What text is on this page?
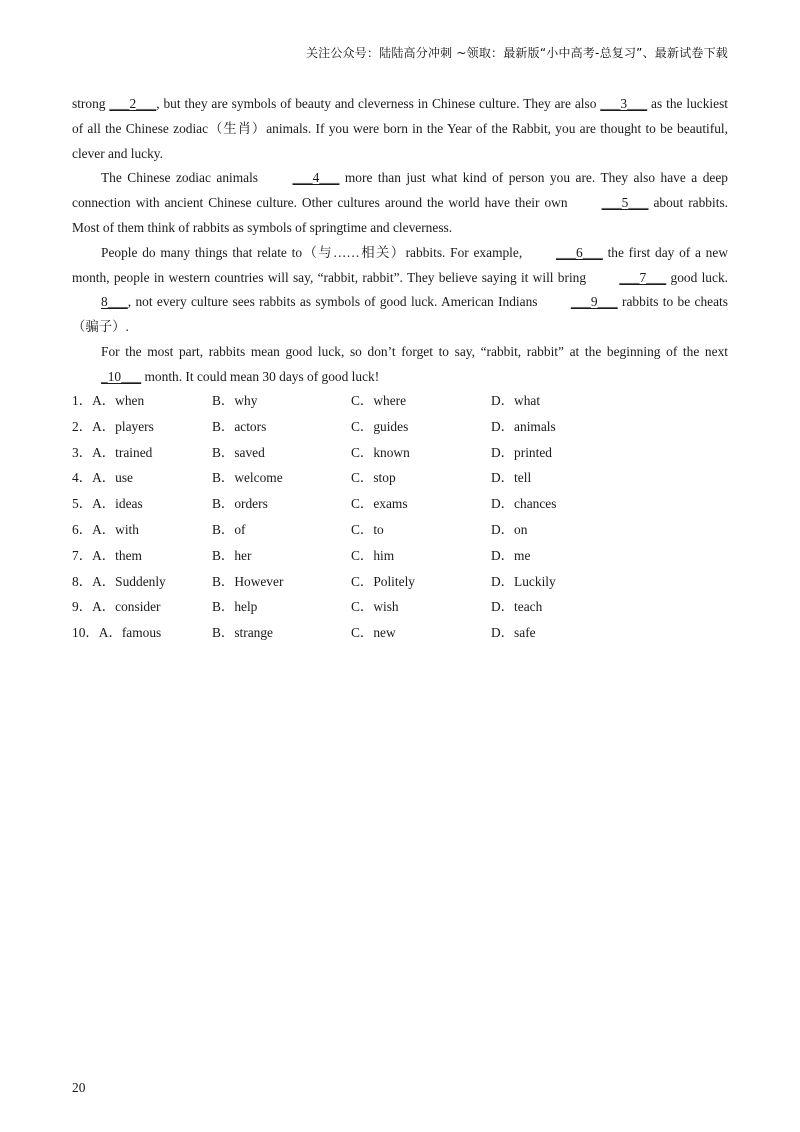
关注公众号：陆陆高分冲刺 ~领取：最新版“小中高考-总复习”、最新试卷下载

strong ___2___, but they are symbols of beauty and cleverness in Chinese culture. They are also ___3___ as the luckiest of all the Chinese zodiac（生肖）animals. If you were born in the Year of the Rabbit, you are thought to be beautiful, clever and lucky.

The Chinese zodiac animals ___4___ more than just what kind of person you are. They also have a deep connection with ancient Chinese culture. Other cultures around the world have their own ___5___ about rabbits. Most of them think of rabbits as symbols of springtime and cleverness.

People do many things that relate to（与……相关）rabbits. For example, ___6___ the first day of a new month, people in western countries will say, “rabbit, rabbit”. They believe saying it will bring ___7___ good luck. 8___, not every culture sees rabbits as symbols of good luck. American Indians ___9___ rabbits to be cheats（骗子）.

For the most part, rabbits mean good luck, so don’t forget to say, “rabbit, rabbit” at the beginning of the next _10___ month. It could mean 30 days of good luck!

1．A．when	B．why	C．where	D．what
2．A．players	B．actors	C．guides	D．animals
3．A．trained	B．saved	C．known	D．printed
4．A．use	B．welcome	C．stop	D．tell
5．A．ideas	B．orders	C．exams	D．chances
6．A．with	B．of	C．to	D．on
7．A．them	B．her	C．him	D．me
8．A．Suddenly	B．However	C．Politely	D．Luckily
9．A．consider	B．help	C．wish	D．teach
10．A．famous	B．strange	C．new	D．safe
20
